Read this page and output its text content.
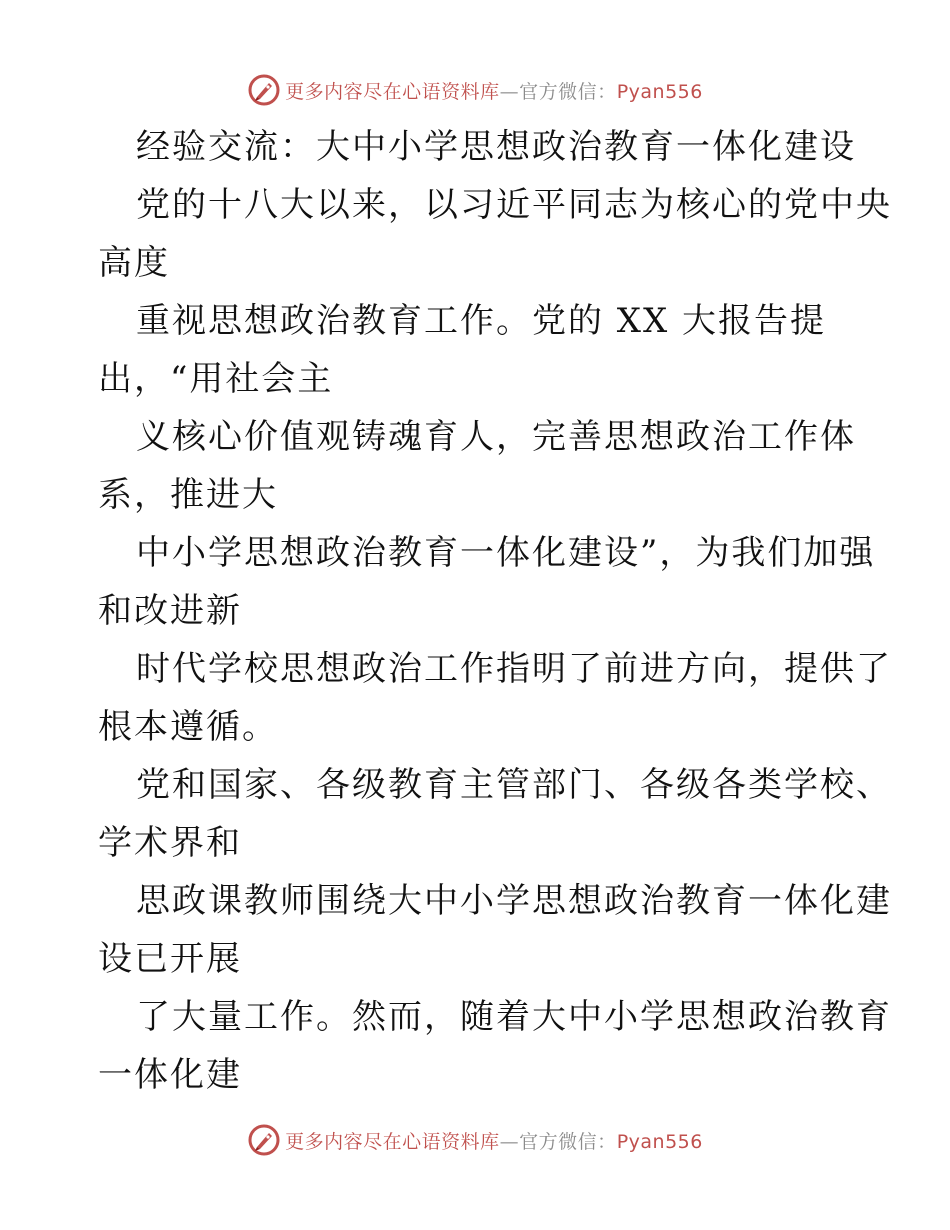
更多内容尽在心语资料库—官方微信：Pyan556
经验交流：大中小学思想政治教育一体化建设
党的十八大以来，以习近平同志为核心的党中央
高度
重视思想政治教育工作。党的 XX 大报告提
出，“用社会主
义核心价值观铸魂育人，完善思想政治工作体
系，推进大
中小学思想政治教育一体化建设”，为我们加强
和改进新
时代学校思想政治工作指明了前进方向，提供了
根本遵循。
党和国家、各级教育主管部门、各级各类学校、
学术界和
思政课教师围绕大中小学思想政治教育一体化建
设已开展
了大量工作。然而，随着大中小学思想政治教育
一体化建
更多内容尽在心语资料库—官方微信：Pyan556
